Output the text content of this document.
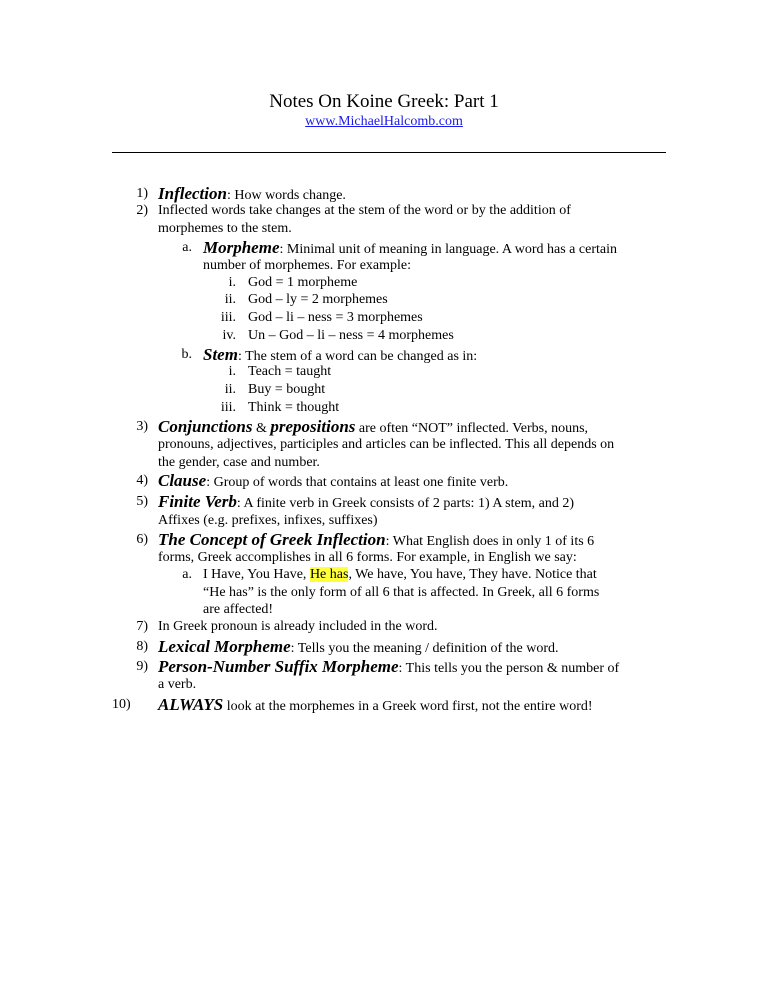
Notes On Koine Greek: Part 1
www.MichaelHalcomb.com
1) Inflection: How words change.
2) Inflected words take changes at the stem of the word or by the addition of
morphemes to the stem.
a. Morpheme: Minimal unit of meaning in language. A word has a certain
number of morphemes. For example:
i. God = 1 morpheme
ii. God – ly = 2 morphemes
iii. God – li – ness = 3 morphemes
iv. Un – God – li – ness = 4 morphemes
b. Stem: The stem of a word can be changed as in:
i. Teach = taught
ii. Buy = bought
iii. Think = thought
3) Conjunctions & prepositions are often “NOT” inflected. Verbs, nouns,
pronouns, adjectives, participles and articles can be inflected. This all depends on
the gender, case and number.
4) Clause: Group of words that contains at least one finite verb.
5) Finite Verb: A finite verb in Greek consists of 2 parts: 1) A stem, and 2)
Affixes (e.g. prefixes, infixes, suffixes)
6) The Concept of Greek Inflection: What English does in only 1 of its 6
forms, Greek accomplishes in all 6 forms. For example, in English we say:
a. I Have, You Have, He has, We have, You have, They have. Notice that
“He has” is the only form of all 6 that is affected. In Greek, all 6 forms
are affected!
7) In Greek pronoun is already included in the word.
8) Lexical Morpheme: Tells you the meaning / definition of the word.
9) Person-Number Suffix Morpheme: This tells you the person & number of
a verb.
10)	ALWAYS look at the morphemes in a Greek word first, not the entire word!
